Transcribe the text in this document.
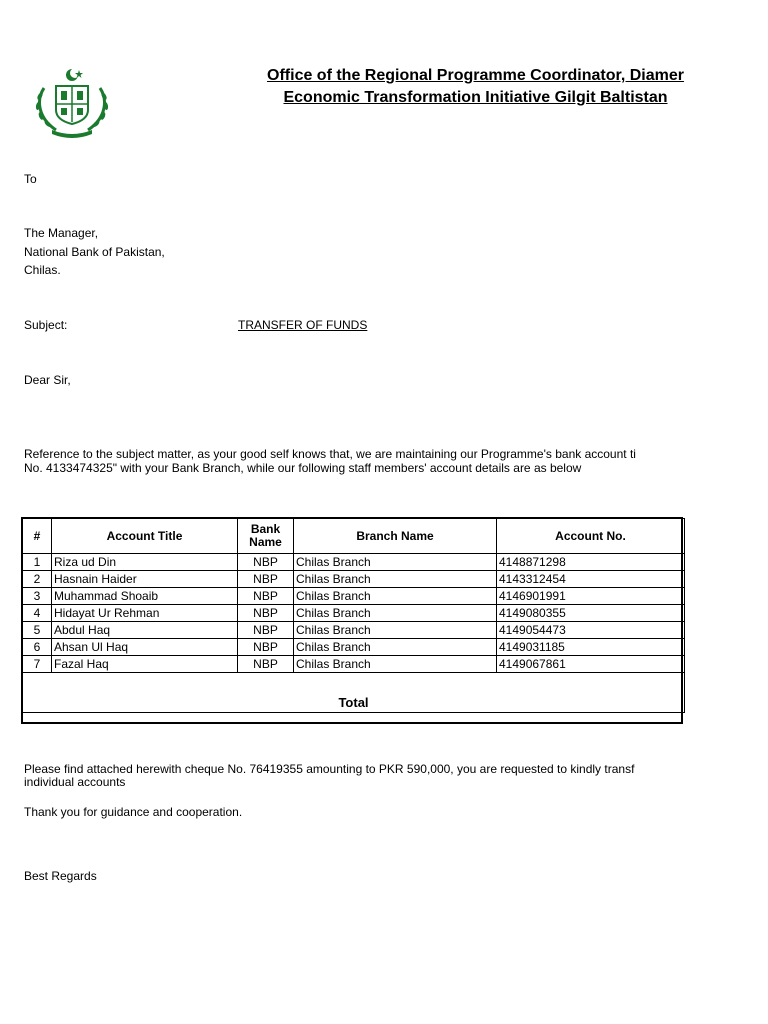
Office of the Regional Programme Coordinator, Diamer
Economic Transformation Initiative Gilgit Baltistan
To
The Manager,
National Bank of Pakistan,
Chilas.
Subject:	TRANSFER OF FUNDS
Dear Sir,
Reference to the subject matter, as your good self knows that, we are maintaining our Programme's bank account ti
No. 4133474325" with your Bank Branch, while our following staff members' account details are as below
#	Account Title	Bank Name	Branch Name	Account No.
1	Riza ud Din	NBP	Chilas Branch	4148871298
2	Hasnain Haider	NBP	Chilas Branch	4143312454
3	Muhammad Shoaib	NBP	Chilas Branch	4146901991
4	Hidayat Ur Rehman	NBP	Chilas Branch	4149080355
5	Abdul Haq	NBP	Chilas Branch	4149054473
6	Ahsan Ul Haq	NBP	Chilas Branch	4149031185
7	Fazal Haq	NBP	Chilas Branch	4149067861
Total				
Please find attached herewith cheque No. 76419355 amounting to PKR 590,000, you are requested to kindly transf
individual accounts
Thank you for guidance and cooperation.
Best Regards
